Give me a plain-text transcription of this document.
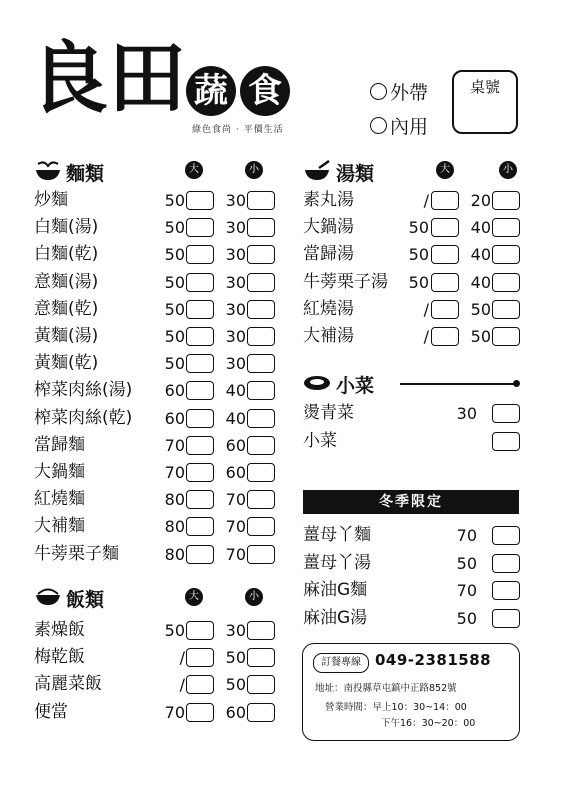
良 田 蔬 食
綠色食尚 · 平價生活
外帶
內用
桌號
麵類	大	小
炒麵	50	30
白麵(湯)	50	30
白麵(乾)	50	30
意麵(湯)	50	30
意麵(乾)	50	30
黃麵(湯)	50	30
黃麵(乾)	50	30
榨菜肉絲(湯) 60	40
榨菜肉絲(乾) 60	40
當歸麵	70	60
大鍋麵	70	60
紅燒麵	80	70
大補麵	80	70
牛蒡栗子麵	80	70
飯類	大	小
素燥飯	50	30
梅乾飯	/	50
高麗菜飯	/	50
便當	70	60
湯類	大	小
素丸湯	/	20
大鍋湯	50	40
當歸湯	50	40
牛蒡栗子湯 50	40
紅燒湯	/	50
大補湯	/	50
小菜
燙青菜	30
小菜
冬季限定
薑母丫麵	70
薑母丫湯	50
麻油G麵	70
麻油G湯	50
訂餐專線 049-2381588
地址：南投縣草屯鎮中正路852號
營業時間：早上10：30~14：00
下午16：30~20：00
